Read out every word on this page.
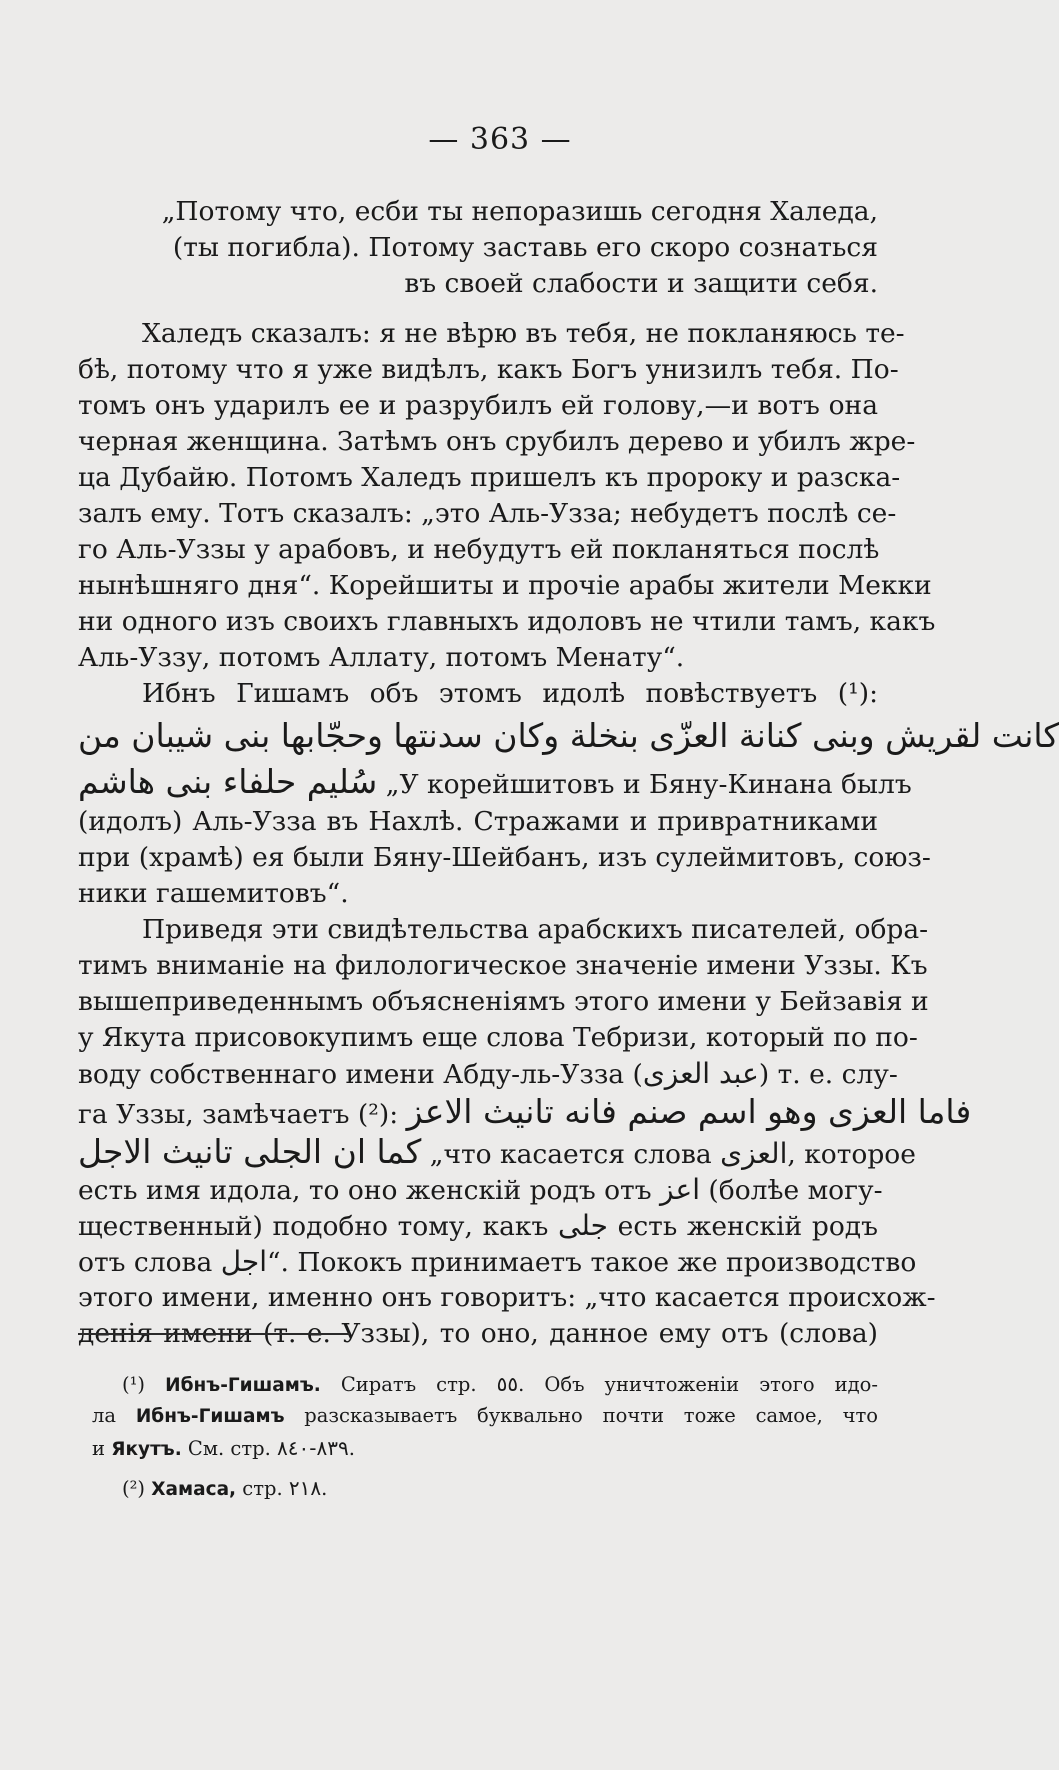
— 363 —
„Потому что, есби ты непоразишь сегодня Халеда,
(ты погибла). Потому заставь его скоро сознаться
въ своей слабости и защити себя.
Халедъ сказалъ: я не вѣрю въ тебя, не покланяюсь те-
бѣ, потому что я уже видѣлъ, какъ Богъ унизилъ тебя. По-
томъ онъ ударилъ ее и разрубилъ ей голову,—и вотъ она
черная женщина. Затѣмъ онъ срубилъ дерево и убилъ жре-
ца Дубайю. Потомъ Халедъ пришелъ къ пророку и разска-
залъ ему. Тотъ сказалъ: „это Аль-Узза; небудетъ послѣ се-
го Аль-Уззы у арабовъ, и небудутъ ей покланяться послѣ
нынѣшняго дня“. Корейшиты и прочіе арабы жители Мекки
ни одного изъ своихъ главныхъ идоловъ не чтили тамъ, какъ
Аль-Уззу, потомъ Аллату, потомъ Менату“.
Ибнъ Гишамъ объ этомъ идолѣ повѣствуетъ (¹):
كانت لقريش وبنى كنانة العزّى بنخلة وكان سدنتها وحجّابها بنى شيبان من
سُليم حلفاء بنى هاشم „У корейшитовъ и Бяну-Кинана былъ
(идолъ) Аль-Узза въ Нахлѣ. Стражами и привратниками
при (храмѣ) ея были Бяну-Шейбанъ, изъ сулеймитовъ, союз-
ники гашемитовъ“.
Приведя эти свидѣтельства арабскихъ писателей, обра-
тимъ вниманіе на филологическое значеніе имени Уззы. Къ
вышеприведеннымъ объясненіямъ этого имени у Бейзавія и
у Якута присовокупимъ еще слова Тебризи, который по по-
воду собственнаго имени Абду-ль-Узза (عبد العزى) т. е. слу-
га Уззы, замѣчаетъ (²): فاما العزى وهو اسم صنم فانه تانيث الاعز
كما ان الجلى تانيث الاجل „что касается слова العزى, которое
есть имя идола, то оно женскій родъ отъ اعز (болѣе могу-
щественный) подобно тому, какъ جلى есть женскій родъ
отъ слова اجل“. Пококъ принимаетъ такое же производство
этого имени, именно онъ говоритъ: „что касается происхож-
денія имени (т. е. Уззы), то оно, данное ему отъ (слова)
(¹) Ибнъ-Гишамъ. Сиратъ стр. ٥٥. Объ уничтоженіи этого идо-
ла Ибнъ-Гишамъ разсказываетъ буквально почти тоже самое, что
и Якутъ. См. стр. ٨٣٩-٨٤٠.
(²) Хамаса, стр. ٢١٨.
